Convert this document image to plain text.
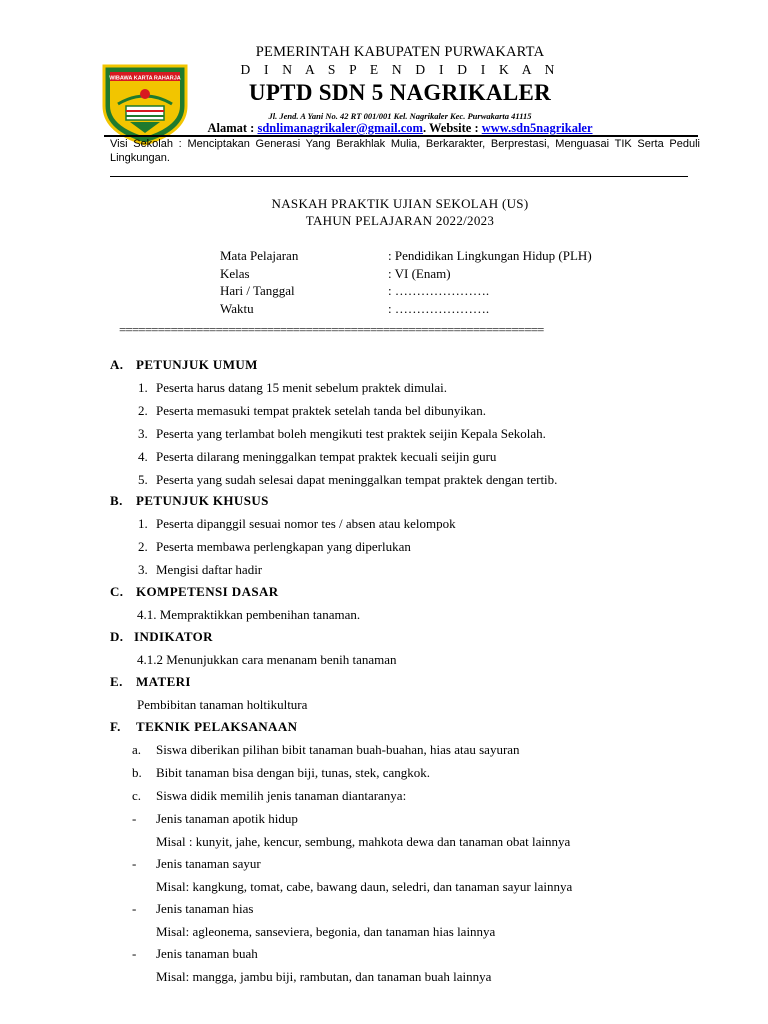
WIBAWA KARTA RAHARJA
PEMERINTAH KABUPATEN PURWAKARTA
D I N A S P E N D I D I K A N
UPTD SDN 5 NAGRIKALER
Jl. Jend. A Yani No. 42 RT 001/001 Kel. Nagrikaler Kec. Purwakarta 41115
Alamat : sdnlimanagrikaler@gmail.com. Website : www.sdn5nagrikaler
Visi Sekolah : Menciptakan Generasi Yang Berakhlak Mulia, Berkarakter, Berprestasi, Menguasai TIK Serta Peduli Lingkungan.
NASKAH PRAKTIK UJIAN SEKOLAH (US)
TAHUN PELAJARAN 2022/2023
Mata Pelajaran	: Pendidikan Lingkungan Hidup (PLH)
Kelas	: VI (Enam)
Hari / Tanggal	: ………………….
Waktu	: ………………….
==================================================================
A. PETUNJUK UMUM
1. Peserta harus datang 15 menit sebelum praktek dimulai.
2. Peserta memasuki tempat praktek setelah tanda bel dibunyikan.
3. Peserta yang terlambat boleh mengikuti test praktek seijin Kepala Sekolah.
4. Peserta dilarang meninggalkan tempat praktek kecuali seijin guru
5. Peserta yang sudah selesai dapat meninggalkan tempat praktek dengan tertib.
B. PETUNJUK KHUSUS
1. Peserta dipanggil sesuai nomor tes / absen atau kelompok
2. Peserta membawa perlengkapan yang diperlukan
3. Mengisi daftar hadir
C. KOMPETENSI DASAR
4.1. Mempraktikkan pembenihan tanaman.
D. INDIKATOR
4.1.2 Menunjukkan cara menanam benih tanaman
E. MATERI
Pembibitan tanaman holtikultura
F. TEKNIK PELAKSANAAN
a. Siswa diberikan pilihan bibit tanaman buah-buahan, hias atau sayuran
b. Bibit tanaman bisa dengan biji, tunas, stek, cangkok.
c. Siswa didik memilih jenis tanaman diantaranya:
- Jenis tanaman apotik hidup
Misal : kunyit, jahe, kencur, sembung, mahkota dewa dan tanaman obat lainnya
- Jenis tanaman sayur
Misal: kangkung, tomat, cabe, bawang daun, seledri, dan tanaman sayur lainnya
- Jenis tanaman hias
Misal: agleonema, sanseviera, begonia, dan tanaman hias lainnya
- Jenis tanaman buah
Misal: mangga, jambu biji, rambutan, dan tanaman buah lainnya
